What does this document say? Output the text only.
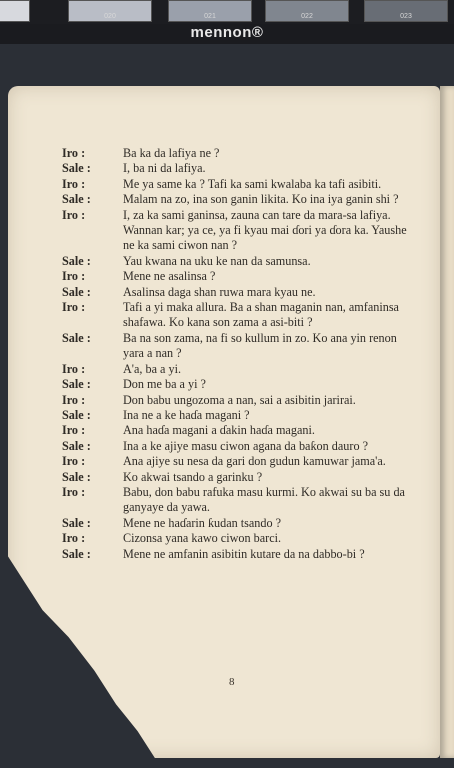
020	021	022	023
mennon®
Iro :	Ba ka da lafiya ne ?
Sale :	I, ba ni da lafiya.
Iro :	Me ya same ka ? Tafi ka sami kwalaba ka tafi asibiti.
Sale :	Malam na zo, ina son ganin likita. Ko ina iya ganin shi ?
Iro :	I, za ka sami ganinsa, zauna can tare da mara-sa lafiya. Wannan kar; ya ce, ya fi kyau mai ɗori ya ɗora ka. Yaushe ne ka sami ciwon nan ?
Sale :	Yau kwana na uku ke nan da samunsa.
Iro :	Mene ne asalinsa ?
Sale :	Asalinsa daga shan ruwa mara kyau ne.
Iro :	Tafi a yi maka allura. Ba a shan maganin nan, amfaninsa shafawa. Ko kana son zama a asi-biti ?
Sale :	Ba na son zama, na fi so kullum in zo. Ko ana yin renon yara a nan ?
Iro :	A'a, ba a yi.
Sale :	Don me ba a yi ?
Iro :	Don babu ungozoma a nan, sai a asibitin jarirai.
Sale :	Ina ne a ke haɗa magani ?
Iro :	Ana haɗa magani a ɗakin haɗa magani.
Sale :	Ina a ke ajiye masu ciwon agana da baƙon dauro ?
Iro :	Ana ajiye su nesa da gari don gudun kamuwar jama'a.
Sale :	Ko akwai tsando a garinku ?
Iro :	Babu, don babu rafuka masu kurmi. Ko akwai su ba su da ganyaye da yawa.
Sale :	Mene ne haɗarin ƙudan tsando ?
Iro :	Cizonsa yana kawo ciwon barci.
Sale :	Mene ne amfanin asibitin kutare da na dabbo-bi ?
8
